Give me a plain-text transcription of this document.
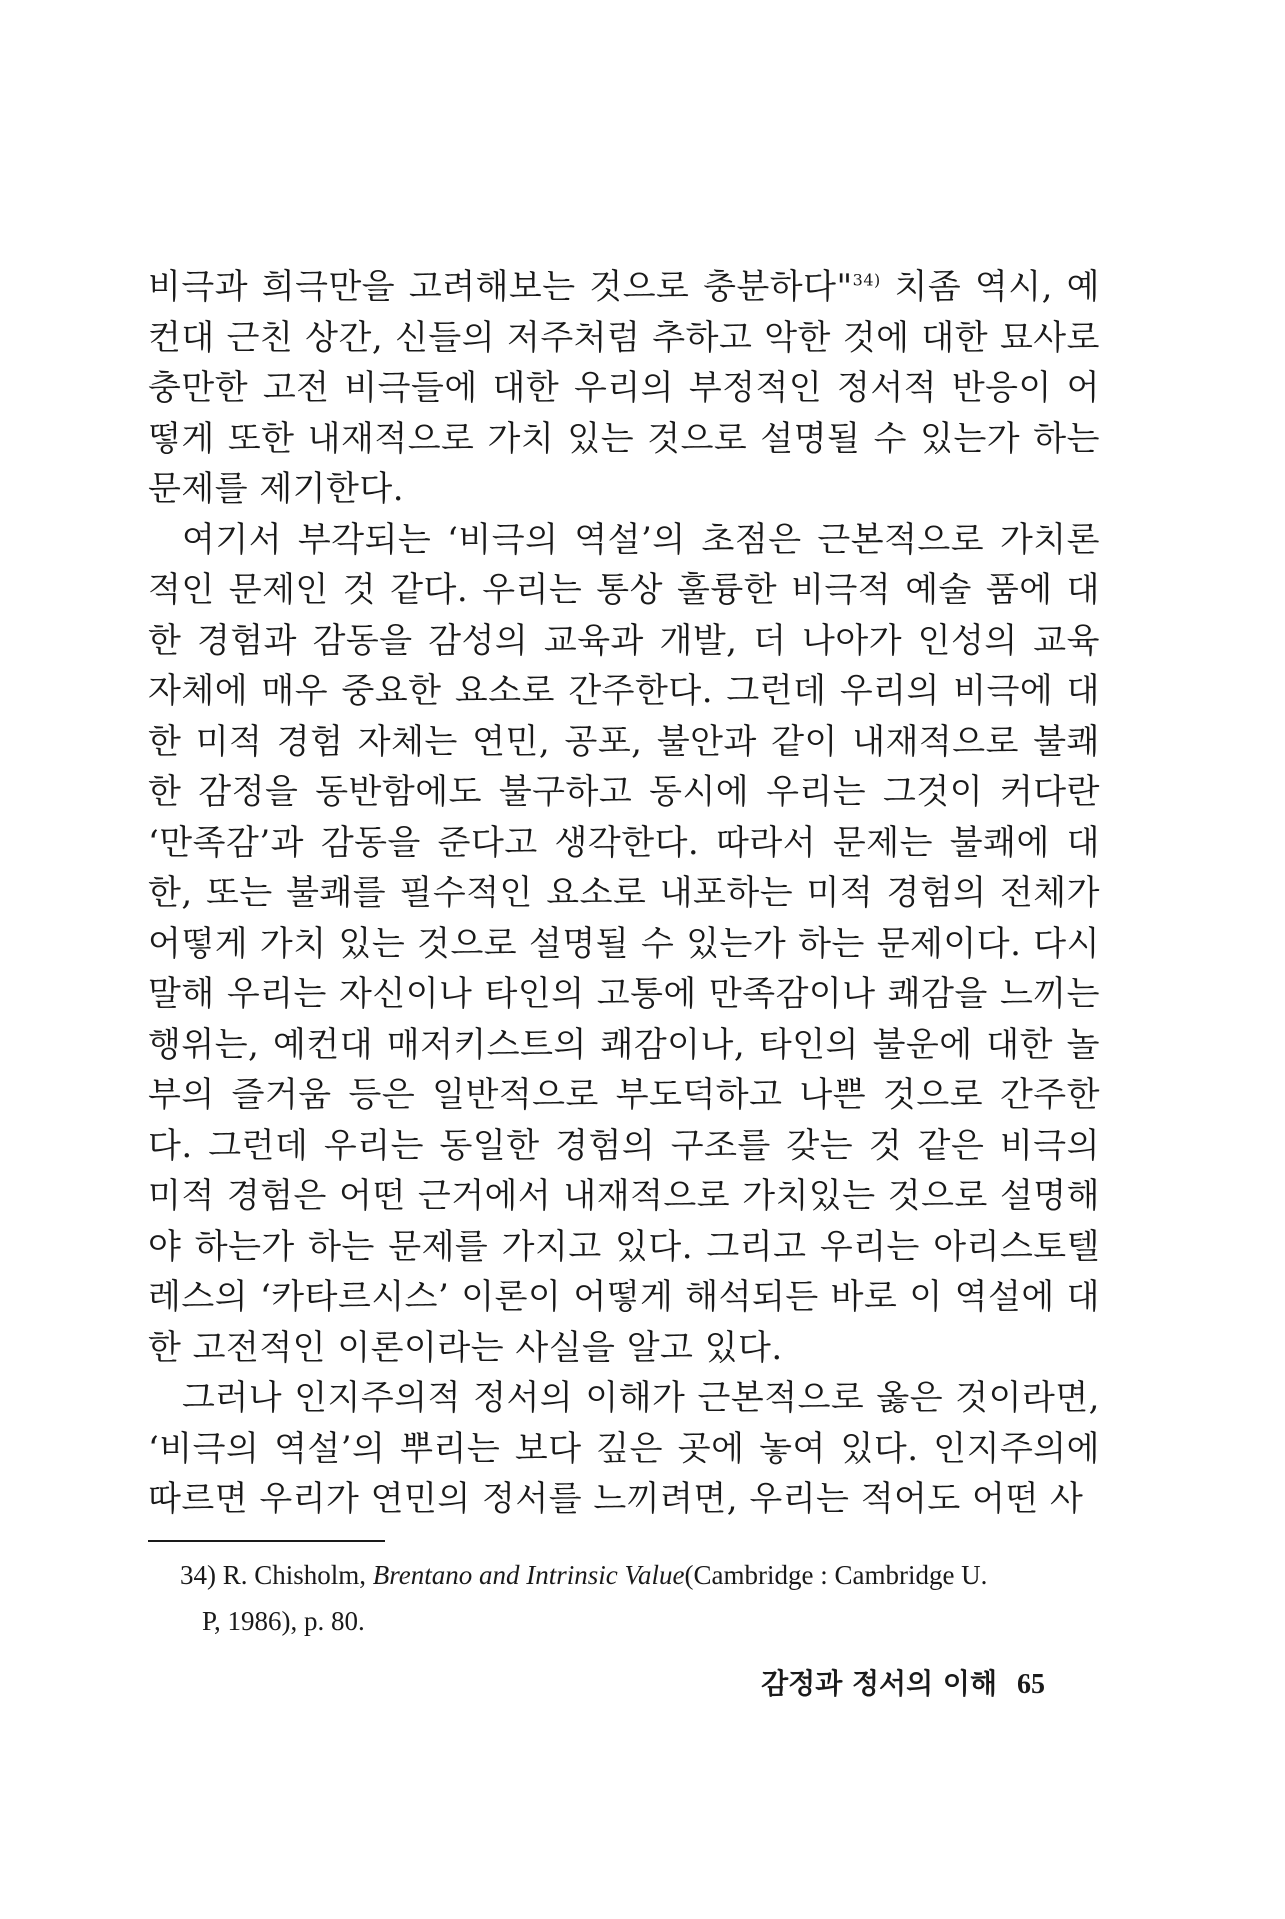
비극과 희극만을 고려해보는 것으로 충분하다"$^{34)}$ 치좀 역시, 예컨대 근친 상간, 신들의 저주처럼 추하고 악한 것에 대한 묘사로 충만한 고전 비극들에 대한 우리의 부정적인 정서적 반응이 어떻게 또한 내재적으로 가치 있는 것으로 설명될 수 있는가 하는 문제를 제기한다.

여기서 부각되는 ‘비극의 역설’의 초점은 근본적으로 가치론적인 문제인 것 같다. 우리는 통상 훌륭한 비극적 예술 품에 대한 경험과 감동을 감성의 교육과 개발, 더 나아가 인성의 교육 자체에 매우 중요한 요소로 간주한다. 그런데 우리의 비극에 대한 미적 경험 자체는 연민, 공포, 불안과 같이 내재적으로 불쾌한 감정을 동반함에도 불구하고 동시에 우리는 그것이 커다란 ‘만족감’과 감동을 준다고 생각한다. 따라서 문제는 불쾌에 대한, 또는 불쾌를 필수적인 요소로 내포하는 미적 경험의 전체가 어떻게 가치 있는 것으로 설명될 수 있는가 하는 문제이다. 다시 말해 우리는 자신이나 타인의 고통에 만족감이나 쾌감을 느끼는 행위는, 예컨대 매저키스트의 쾌감이나, 타인의 불운에 대한 놀부의 즐거움 등은 일반적으로 부도덕하고 나쁜 것으로 간주한다. 그런데 우리는 동일한 경험의 구조를 갖는 것 같은 비극의 미적 경험은 어떤 근거에서 내재적으로 가치있는 것으로 설명해야 하는가 하는 문제를 가지고 있다. 그리고 우리는 아리스토텔레스의 ‘카타르시스’ 이론이 어떻게 해석되든 바로 이 역설에 대한 고전적인 이론이라는 사실을 알고 있다.

그러나 인지주의적 정서의 이해가 근본적으로 옳은 것이라면, ‘비극의 역설’의 뿌리는 보다 깊은 곳에 놓여 있다. 인지주의에 따르면 우리가 연민의 정서를 느끼려면, 우리는 적어도 어떤 사

34) R. Chisholm, Brentano and Intrinsic Value(Cambridge : Cambridge U.
P, 1986), p. 80.

감정과 정서의 이해 65
